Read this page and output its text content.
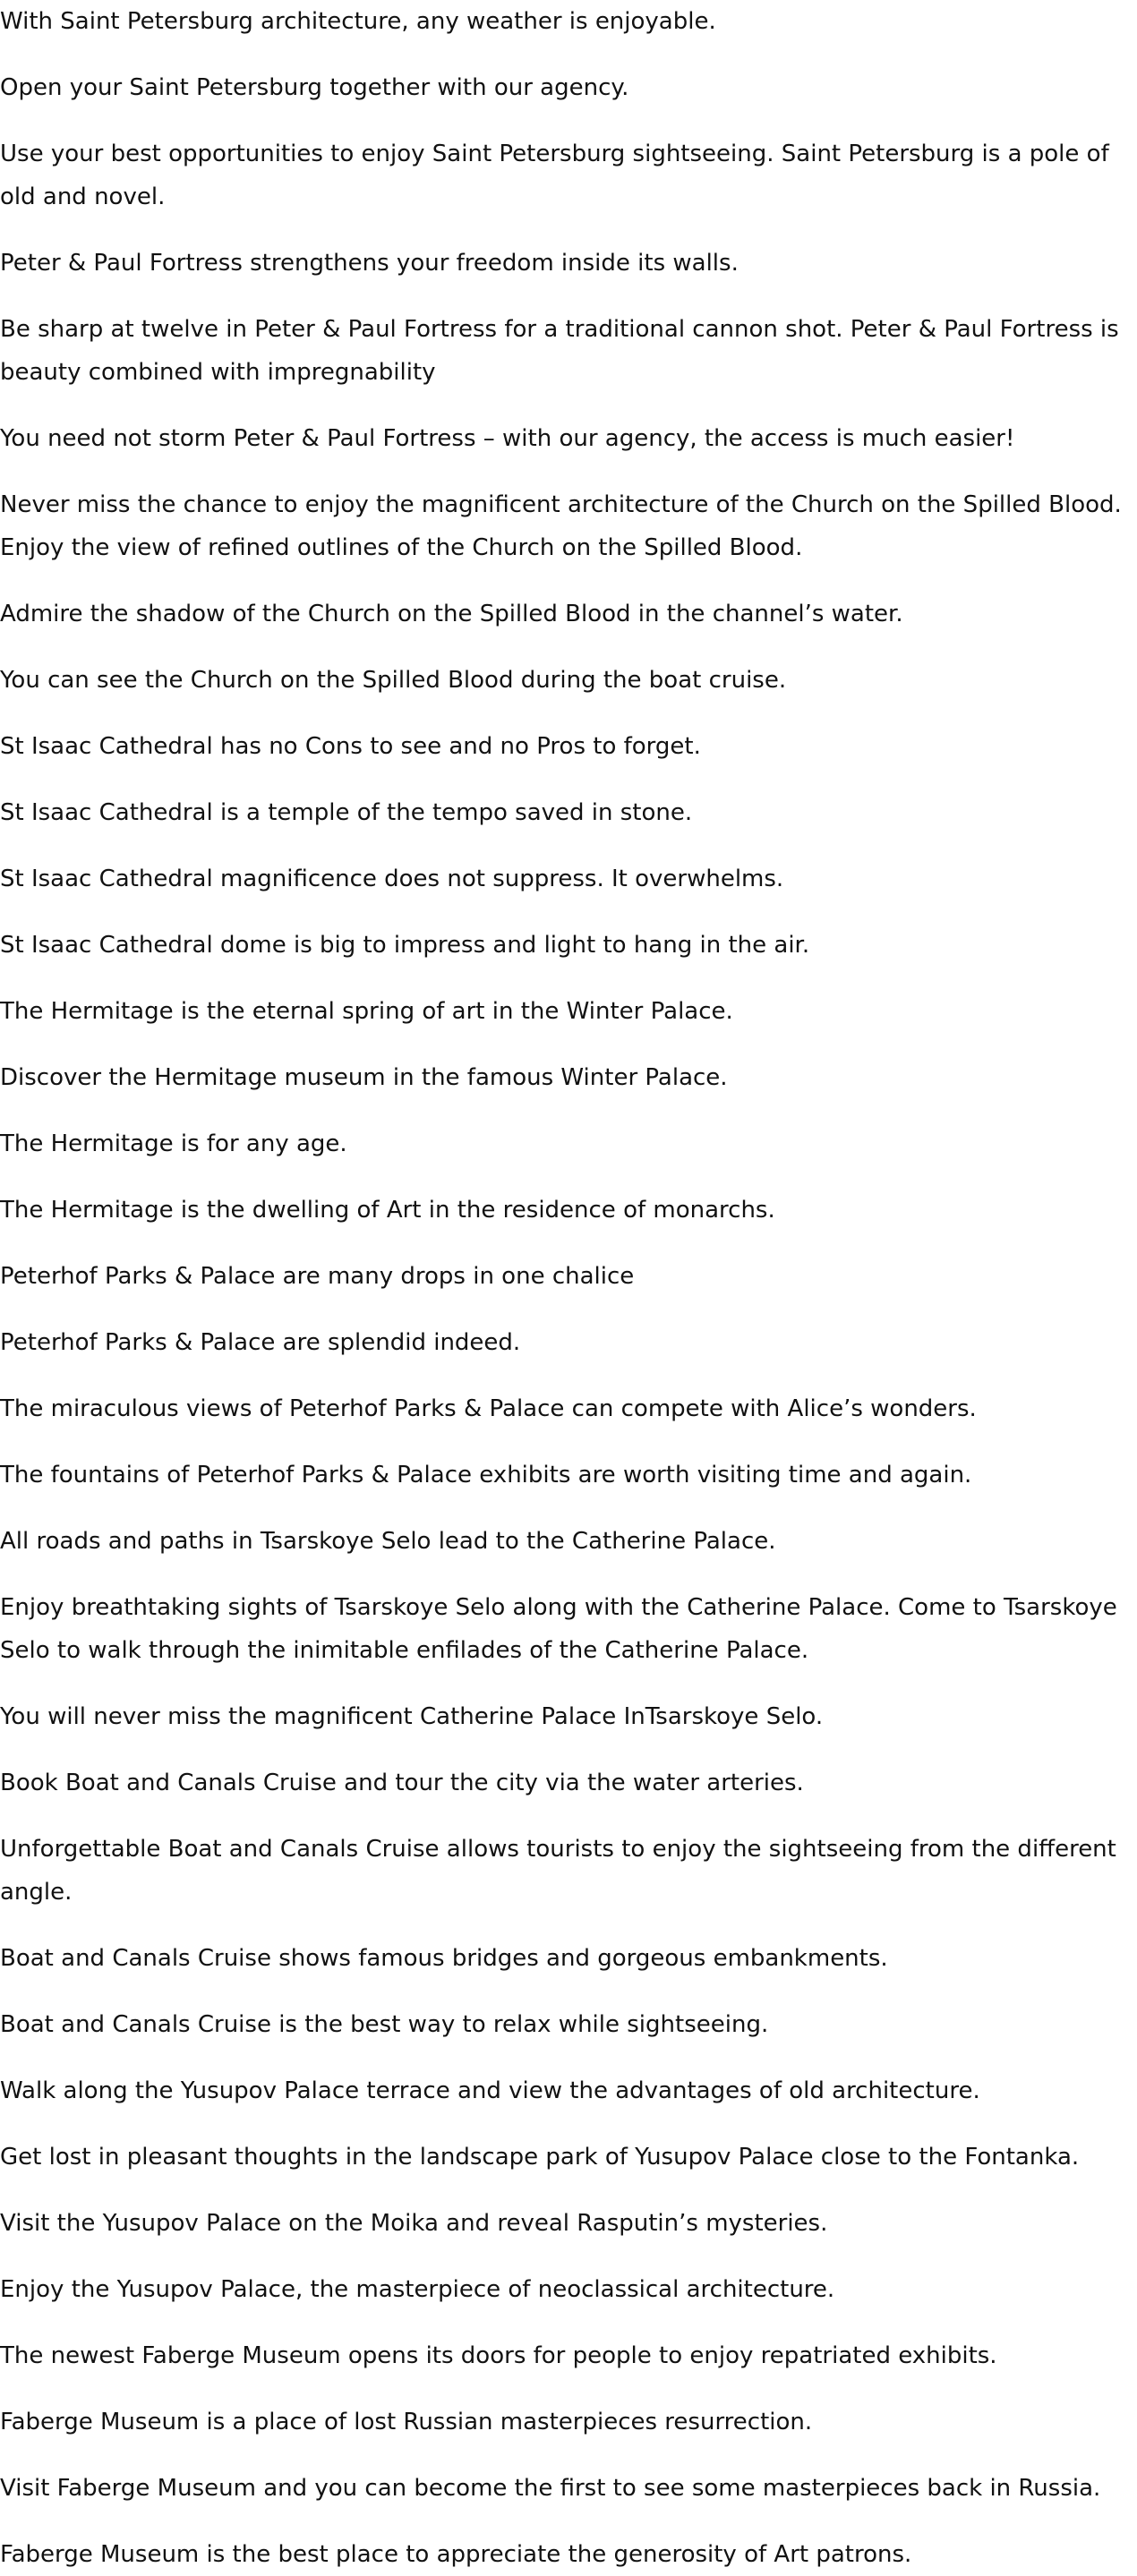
With Saint Petersburg architecture, any weather is enjoyable.

Open your Saint Petersburg together with our agency.

Use your best opportunities to enjoy Saint Petersburg sightseeing. Saint Petersburg is a pole of old and novel.

Peter & Paul Fortress strengthens your freedom inside its walls.

Be sharp at twelve in Peter & Paul Fortress for a traditional cannon shot. Peter & Paul Fortress is beauty combined with impregnability

You need not storm Peter & Paul Fortress – with our agency, the access is much easier!

Never miss the chance to enjoy the magnificent architecture of the Church on the Spilled Blood. Enjoy the view of refined outlines of the Church on the Spilled Blood.

Admire the shadow of the Church on the Spilled Blood in the channel’s water.

You can see the Church on the Spilled Blood during the boat cruise.

St Isaac Cathedral has no Cons to see and no Pros to forget.

St Isaac Cathedral is a temple of the tempo saved in stone.

St Isaac Cathedral magnificence does not suppress. It overwhelms.

St Isaac Cathedral dome is big to impress and light to hang in the air.

The Hermitage is the eternal spring of art in the Winter Palace.

Discover the Hermitage museum in the famous Winter Palace.

The Hermitage is for any age.

The Hermitage is the dwelling of Art in the residence of monarchs.

Peterhof Parks & Palace are many drops in one chalice

Peterhof Parks & Palace are splendid indeed.

The miraculous views of Peterhof Parks & Palace can compete with Alice’s wonders.

The fountains of Peterhof Parks & Palace exhibits are worth visiting time and again.

All roads and paths in Tsarskoye Selo lead to the Catherine Palace.

Enjoy breathtaking sights of Tsarskoye Selo along with the Catherine Palace. Come to Tsarskoye Selo to walk through the inimitable enfilades of the Catherine Palace.

You will never miss the magnificent Catherine Palace InTsarskoye Selo.

Book Boat and Canals Cruise and tour the city via the water arteries.

Unforgettable Boat and Canals Cruise allows tourists to enjoy the sightseeing from the different angle.

Boat and Canals Cruise shows famous bridges and gorgeous embankments.

Boat and Canals Cruise is the best way to relax while sightseeing.

Walk along the Yusupov Palace terrace and view the advantages of old architecture.

Get lost in pleasant thoughts in the landscape park of Yusupov Palace close to the Fontanka.

Visit the Yusupov Palace on the Moika and reveal Rasputin’s mysteries.

Enjoy the Yusupov Palace, the masterpiece of neoclassical architecture.

The newest Faberge Museum opens its doors for people to enjoy repatriated exhibits.

Faberge Museum is a place of lost Russian masterpieces resurrection.

Visit Faberge Museum and you can become the first to see some masterpieces back in Russia.

Faberge Museum is the best place to appreciate the generosity of Art patrons.
